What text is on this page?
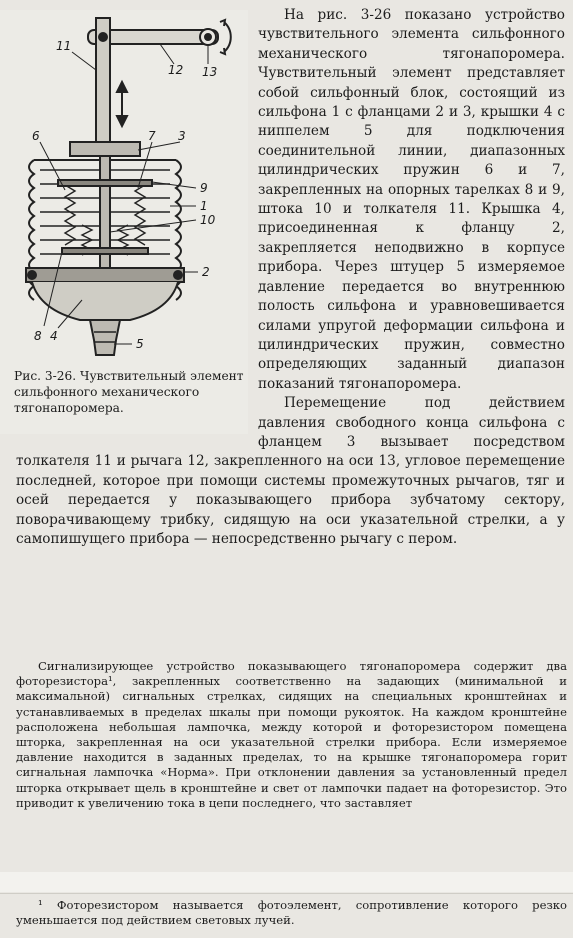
11
12 13
6	7 3
9
1
10
2
8 4
5
Рис. 3-26. Чувствительный элемент сильфонного механического тягонапоромера.
На рис. 3-26 показано устройство чувствительного элемента сильфонного механического тягонапоромера. Чувствительный элемент представляет собой сильфонный блок, состоящий из сильфона 1 с фланцами 2 и 3, крышки 4 с ниппелем 5 для подключения соединительной линии, диапазонных цилиндрических пружин 6 и 7, закрепленных на опорных тарелках 8 и 9, штока 10 и толкателя 11. Крышка 4, присоединенная к фланцу 2, закрепляется неподвижно в корпусе прибора. Через штуцер 5 измеряемое давление передается во внутреннюю полость сильфона и уравновешивается силами упругой деформации сильфона и цилиндрических пружин, совместно определяющих заданный диапазон показаний тягонапоромера.

Перемещение под действием давления свободного конца сильфона с фланцем 3 вызывает посредством толкателя 11 и рычага 12, закрепленного на оси 13, угловое перемещение последней, которое при помощи системы промежуточных рычагов, тяг и осей передается у показывающего прибора зубчатому сектору, поворачивающему трибку, сидящую на оси указательной стрелки, а у самопишущего прибора — непосредственно рычагу с пером.

Сигнализирующее устройство показывающего тягонапоромера содержит два фоторезистора¹, закрепленных соответственно на задающих (минимальной и максимальной) сигнальных стрелках, сидящих на специальных кронштейнах и устанавливаемых в пределах шкалы при помощи рукояток. На каждом кронштейне расположена небольшая лампочка, между которой и фоторезистором помещена шторка, закрепленная на оси указательной стрелки прибора. Если измеряемое давление находится в заданных пределах, то на крышке тягонапоромера горит сигнальная лампочка «Норма». При отклонении давления за установленный предел шторка открывает щель в кронштейне и свет от лампочки падает на фоторезистор. Это приводит к увеличению тока в цепи последнего, что заставляет

¹ Фоторезистором называется фотоэлемент, сопротивление которого резко уменьшается под действием световых лучей.
